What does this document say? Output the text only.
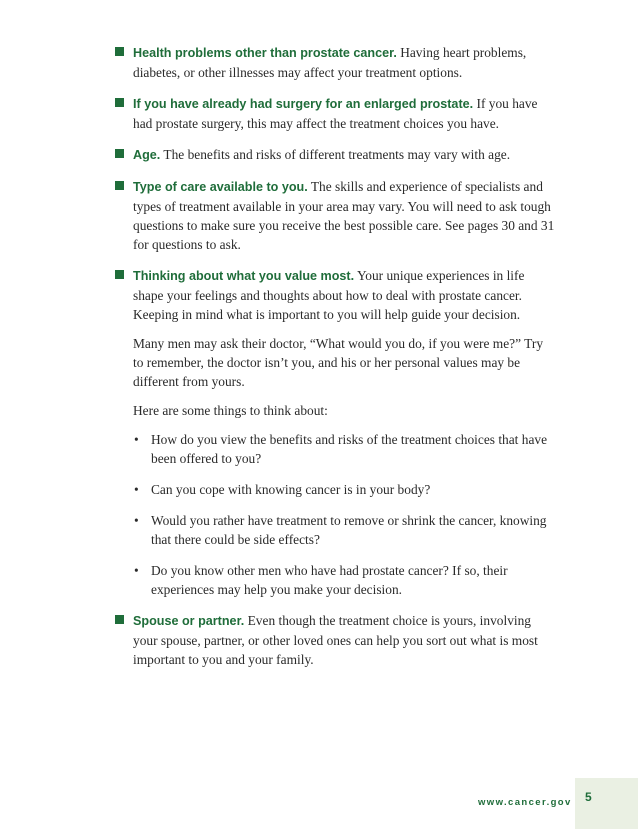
Health problems other than prostate cancer. Having heart problems, diabetes, or other illnesses may affect your treatment options.
If you have already had surgery for an enlarged prostate. If you have had prostate surgery, this may affect the treatment choices you have.
Age. The benefits and risks of different treatments may vary with age.
Type of care available to you. The skills and experience of specialists and types of treatment available in your area may vary. You will need to ask tough questions to make sure you receive the best possible care. See pages 30 and 31 for questions to ask.
Thinking about what you value most. Your unique experiences in life shape your feelings and thoughts about how to deal with prostate cancer. Keeping in mind what is important to you will help guide your decision.

Many men may ask their doctor, “What would you do, if you were me?” Try to remember, the doctor isn’t you, and his or her personal values may be different from yours.

Here are some things to think about:

• How do you view the benefits and risks of the treatment choices that have been offered to you?
• Can you cope with knowing cancer is in your body?
• Would you rather have treatment to remove or shrink the cancer, knowing that there could be side effects?
• Do you know other men who have had prostate cancer? If so, their experiences may help you make your decision.
Spouse or partner. Even though the treatment choice is yours, involving your spouse, partner, or other loved ones can help you sort out what is most important to you and your family.
www.cancer.gov 5
